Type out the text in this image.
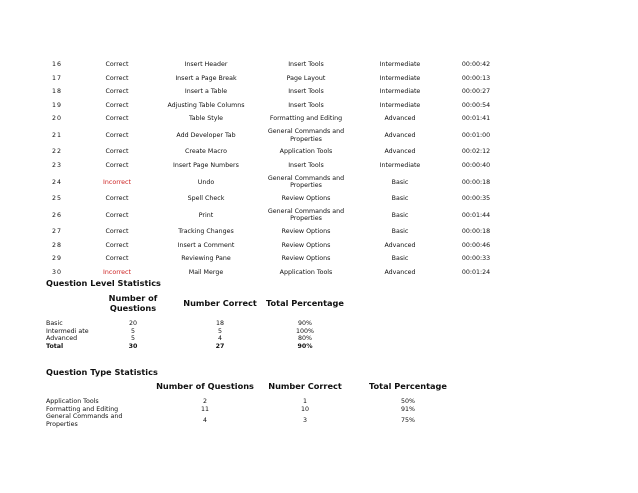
16	Correct	Insert Header	Insert Tools	Intermediate	00:00:42
17	Correct	Insert a Page Break	Page Layout	Intermediate	00:00:13
18	Correct	Insert a Table	Insert Tools	Intermediate	00:00:27
19	Correct	Adjusting Table Columns	Insert Tools	Intermediate	00:00:54
20	Correct	Table Style	Formatting and Editing	Advanced	00:01:41
21	Correct	Add Developer Tab	General Commands and Properties	Advanced	00:01:00
22	Correct	Create Macro	Application Tools	Advanced	00:02:12
23	Correct	Insert Page Numbers	Insert Tools	Intermediate	00:00:40
24	Incorrect	Undo	General Commands and Properties	Basic	00:00:18
25	Correct	Spell Check	Review Options	Basic	00:00:35
26	Correct	Print	General Commands and Properties	Basic	00:01:44
27	Correct	Tracking Changes	Review Options	Basic	00:00:18
28	Correct	Insert a Comment	Review Options	Advanced	00:00:46
29	Correct	Reviewing Pane	Review Options	Basic	00:00:33
30	Incorrect	Mail Merge	Application Tools	Advanced	00:01:24
Question Level Statistics
	Number of Questions	Number Correct	Total Percentage
Basic	20	18	90%
Intermedi ate	5	5	100%
Advanced	5	4	80%
Total	30	27	90%
Question Type Statistics
	Number of Questions	Number Correct	Total Percentage
Application Tools	2	1	50%
Formatting and Editing	11	10	91%
General Commands and Properties	4	3	75%
